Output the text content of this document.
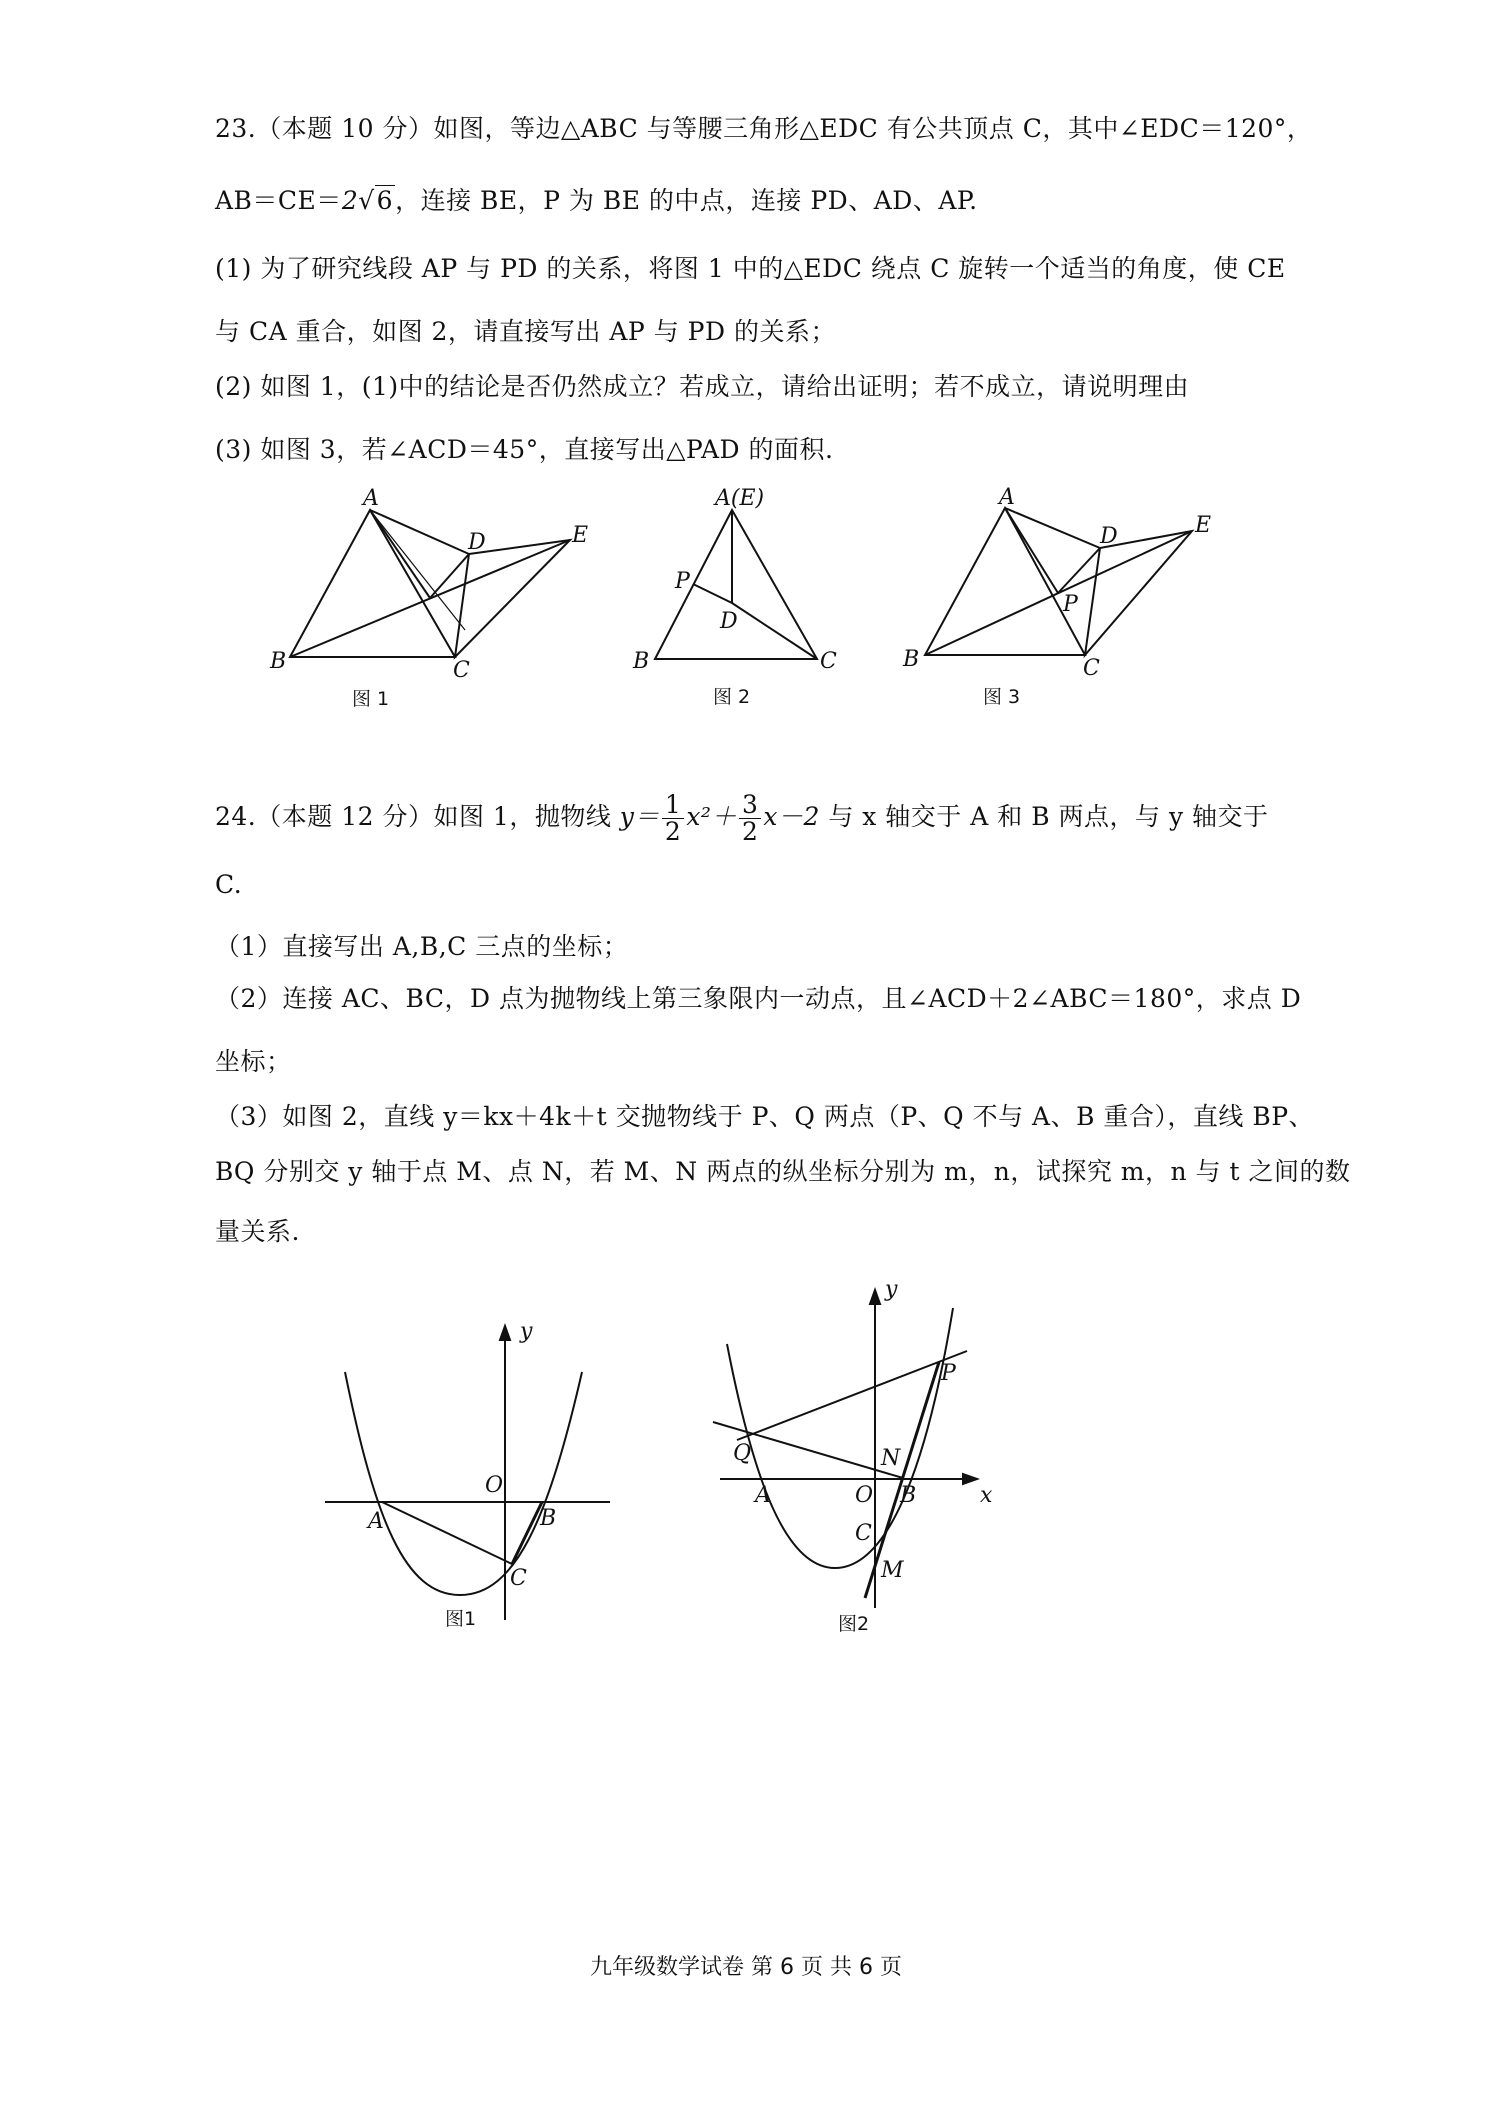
23.（本题 10 分）如图，等边△ABC 与等腰三角形△EDC 有公共顶点 C，其中∠EDC＝120°，
AB＝CE＝2√6，连接 BE，P 为 BE 的中点，连接 PD、AD、AP.
(1) 为了研究线段 AP 与 PD 的关系，将图 1 中的△EDC 绕点 C 旋转一个适当的角度，使 CE
与 CA 重合，如图 2，请直接写出 AP 与 PD 的关系；
(2) 如图 1，(1)中的结论是否仍然成立？若成立，请给出证明；若不成立，请说明理由
(3) 如图 3，若∠ACD＝45°，直接写出△PAD 的面积.
A
B	C
D	E
图 1
A(E)
P
D
B	C
图 2
A
B	C
D	E
P
图 3
24.（本题 12 分）如图 1，抛物线 $y= \frac{1}{2} x^2+ \frac{3}{2} x-2$ 与 x 轴交于 A 和 B 两点，与 y 轴交于
C.
（1）直接写出 A,B,C 三点的坐标；
（2）连接 AC、BC，D 点为抛物线上第三象限内一动点，且∠ACD＋2∠ABC＝180°，求点 D
坐标；
（3）如图 2，直线 y＝kx＋4k＋t 交抛物线于 P、Q 两点（P、Q 不与 A、B 重合），直线 BP、
BQ 分别交 y 轴于点 M、点 N，若 M、N 两点的纵坐标分别为 m，n，试探究 m，n 与 t 之间的数
量关系.
y
O
A	B
C
图1
y
x
O
A	B
C
M
N
P
Q
图2
九年级数学试卷 第 6 页 共 6 页
